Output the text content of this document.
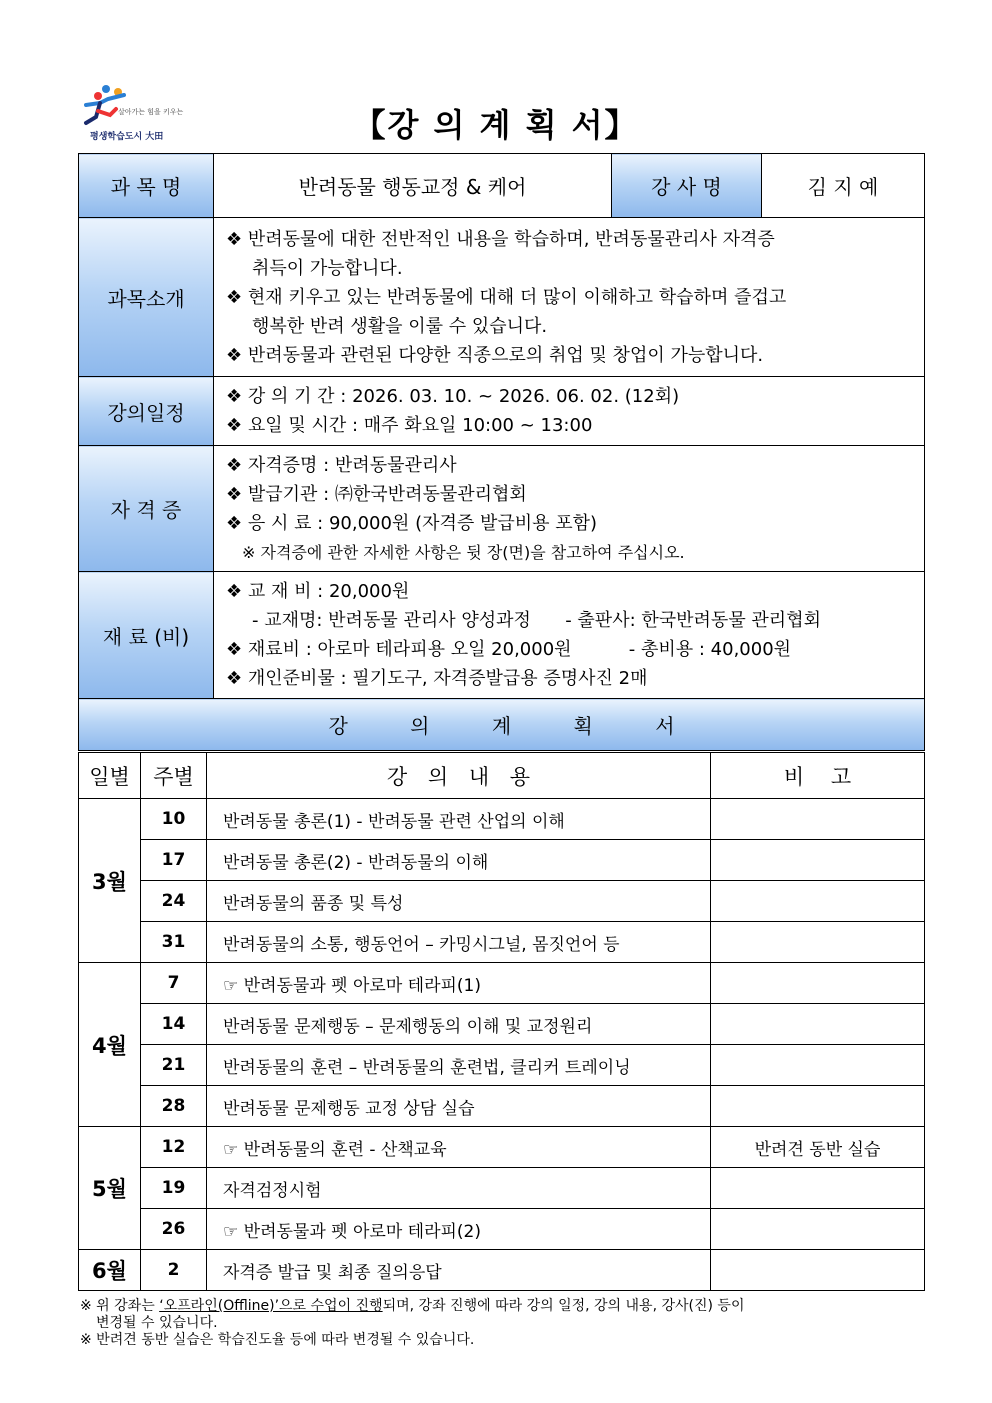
살아가는 힘을 키우는
평생학습도시 大田	【강 의 계 획 서】
과 목 명	반려동물 행동교정 & 케어	강 사 명	김 지 예
과목소개	❖ 반려동물에 대한 전반적인 내용을 학습하며, 반려동물관리사 자격증
취득이 가능합니다.
❖ 현재 키우고 있는 반려동물에 대해 더 많이 이해하고 학습하며 즐겁고
행복한 반려 생활을 이룰 수 있습니다.
❖ 반려동물과 관련된 다양한 직종으로의 취업 및 창업이 가능합니다.		

강의일정	❖ 강 의 기 간 : 2026. 03. 10. ~ 2026. 06. 02. (12회)
❖ 요일 및 시간 : 매주 화요일 10:00 ~ 13:00		

자 격 증	❖ 자격증명 : 반려동물관리사
❖ 발급기관 : ㈜한국반려동물관리협회
❖ 응 시 료 : 90,000원 (자격증 발급비용 포함)
※ 자격증에 관한 자세한 사항은 뒷 장(면)을 참고하여 주십시오.		

재 료 (비)	❖ 교 재 비 : 20,000원
- 교재명: 반려동물 관리사 양성과정      - 출판사: 한국반려동물 관리협회
❖ 재료비 : 아로마 테라피용 오일 20,000원          - 총비용 : 40,000원
❖ 개인준비물 : 필기도구, 자격증발급용 증명사진 2매		

강 의 계 획 서			
일별	주별	강 의 내 용	비    고
3월	10	반려동물 총론(1) - 반려동물 관련 산업의 이해	
	17	반려동물 총론(2) - 반려동물의 이해	
	24	반려동물의 품종 및 특성	
	31	반려동물의 소통, 행동언어 – 카밍시그널, 몸짓언어 등	
4월	7	☞ 반려동물과 펫 아로마 테라피(1)	
	14	반려동물 문제행동 – 문제행동의 이해 및 교정원리	
	21	반려동물의 훈련 – 반려동물의 훈련법, 클리커 트레이닝	
	28	반려동물 문제행동 교정 상담 실습	
5월	12	☞ 반려동물의 훈련 - 산책교육	반려견 동반 실습
	19	자격검정시험	
	26	☞ 반려동물과 펫 아로마 테라피(2)	
6월	2	자격증 발급 및 최종 질의응답	
※ 위 강좌는 ‘오프라인(Offline)’으로 수업이 진행되며, 강좌 진행에 따라 강의 일정, 강의 내용, 강사(진) 등이
변경될 수 있습니다.
※ 반려견 동반 실습은 학습진도율 등에 따라 변경될 수 있습니다.
